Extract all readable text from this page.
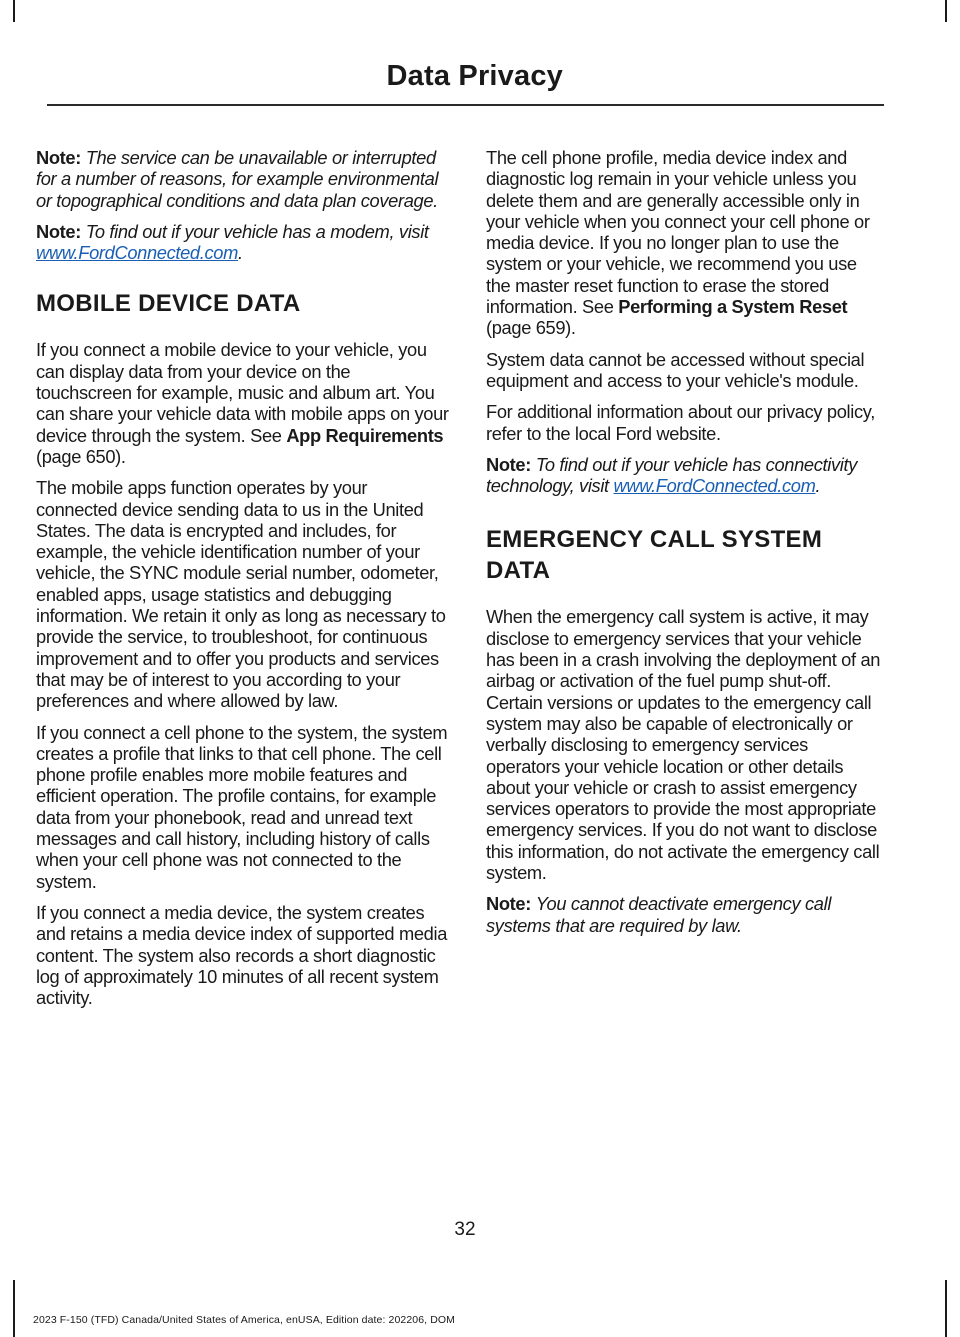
Data Privacy

Note: The service can be unavailable or interrupted for a number of reasons, for example environmental or topographical conditions and data plan coverage.

Note: To find out if your vehicle has a modem, visit www.FordConnected.com.

MOBILE DEVICE DATA

If you connect a mobile device to your vehicle, you can display data from your device on the touchscreen for example, music and album art. You can share your vehicle data with mobile apps on your device through the system. See App Requirements (page 650).

The mobile apps function operates by your connected device sending data to us in the United States. The data is encrypted and includes, for example, the vehicle identification number of your vehicle, the SYNC module serial number, odometer, enabled apps, usage statistics and debugging information. We retain it only as long as necessary to provide the service, to troubleshoot, for continuous improvement and to offer you products and services that may be of interest to you according to your preferences and where allowed by law.

If you connect a cell phone to the system, the system creates a profile that links to that cell phone. The cell phone profile enables more mobile features and efficient operation. The profile contains, for example data from your phonebook, read and unread text messages and call history, including history of calls when your cell phone was not connected to the system.

If you connect a media device, the system creates and retains a media device index of supported media content. The system also records a short diagnostic log of approximately 10 minutes of all recent system activity.

The cell phone profile, media device index and diagnostic log remain in your vehicle unless you delete them and are generally accessible only in your vehicle when you connect your cell phone or media device. If you no longer plan to use the system or your vehicle, we recommend you use the master reset function to erase the stored information. See Performing a System Reset (page 659).

System data cannot be accessed without special equipment and access to your vehicle's module.

For additional information about our privacy policy, refer to the local Ford website.

Note: To find out if your vehicle has connectivity technology, visit www.FordConnected.com.

EMERGENCY CALL SYSTEM DATA

When the emergency call system is active, it may disclose to emergency services that your vehicle has been in a crash involving the deployment of an airbag or activation of the fuel pump shut-off. Certain versions or updates to the emergency call system may also be capable of electronically or verbally disclosing to emergency services operators your vehicle location or other details about your vehicle or crash to assist emergency services operators to provide the most appropriate emergency services. If you do not want to disclose this information, do not activate the emergency call system.

Note: You cannot deactivate emergency call systems that are required by law.

32
2023 F-150 (TFD) Canada/United States of America, enUSA, Edition date: 202206, DOM
